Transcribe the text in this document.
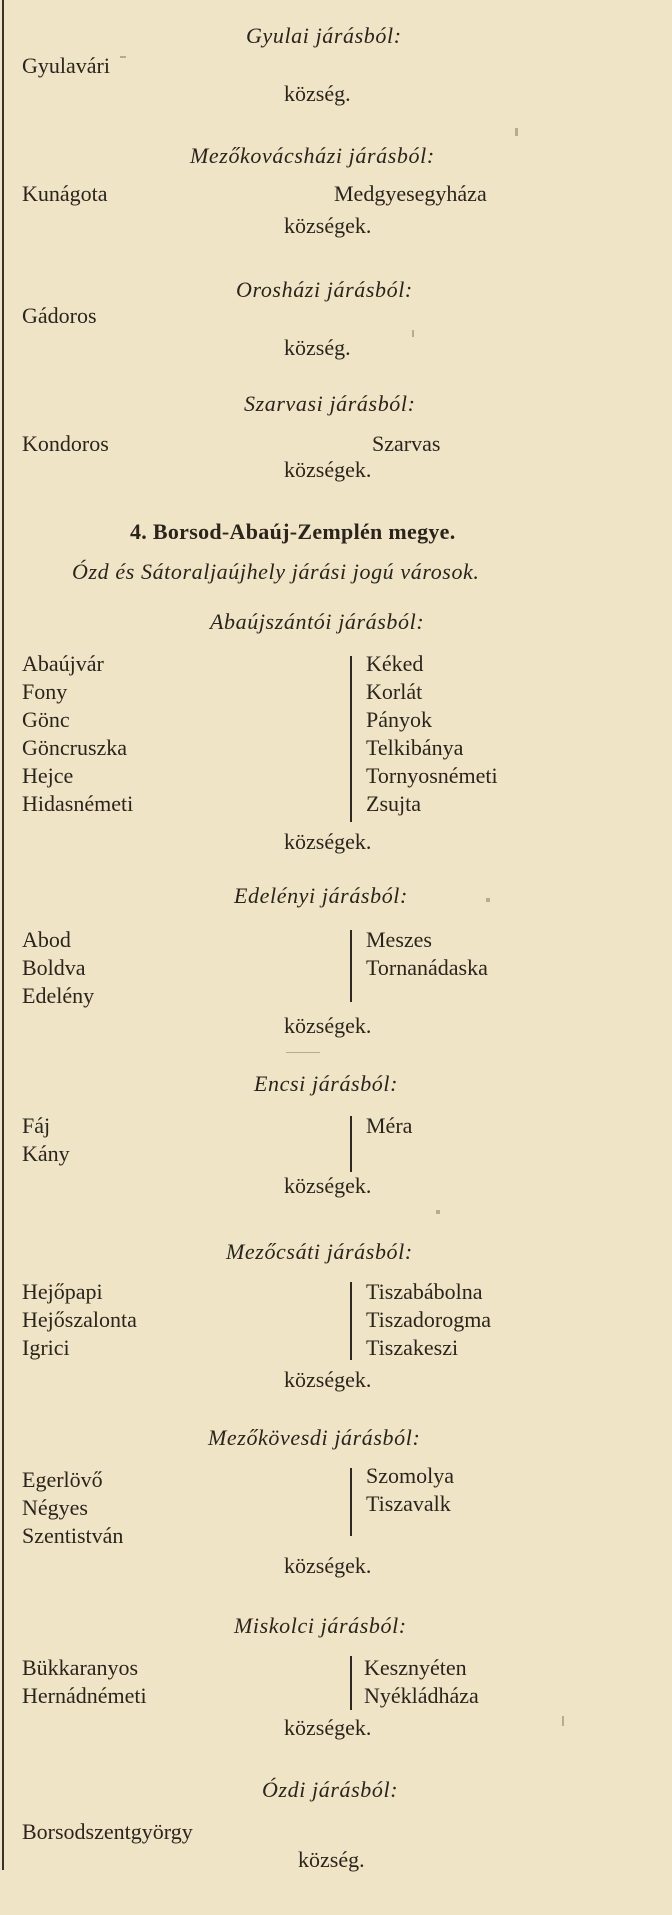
Gyulai járásból:
Gyulavári
község.
Mezőkovácsházi járásból:
Kunágota	Medgyesegyháza
községek.
Orosházi járásból:
Gádoros
község.
Szarvasi járásból:
Kondoros	Szarvas
községek.
4. Borsod-Abaúj-Zemplén megye.
Ózd és Sátoraljaújhely járási jogú városok.
Abaújszántói járásból:
Abaújvár
Fony
Gönc
Göncruszka
Hejce
Hidasnémeti
Kéked
Korlát
Pányok
Telkibánya
Tornyosnémeti
Zsujta
községek.
Edelényi járásból:
Abod
Boldva
Edelény
Meszes
Tornanádaska
községek.
Encsi járásból:
Fáj
Kány
Méra
községek.
Mezőcsáti járásból:
Hejőpapi
Hejőszalonta
Igrici
Tiszabábolna
Tiszadorogma
Tiszakeszi
községek.
Mezőkövesdi járásból:
Egerlövő
Négyes
Szentistván
Szomolya
Tiszavalk
községek.
Miskolci járásból:
Bükkaranyos
Hernádnémeti
Kesznyéten
Nyékládháza
községek.
Ózdi járásból:
Borsodszentgyörgy
község.
